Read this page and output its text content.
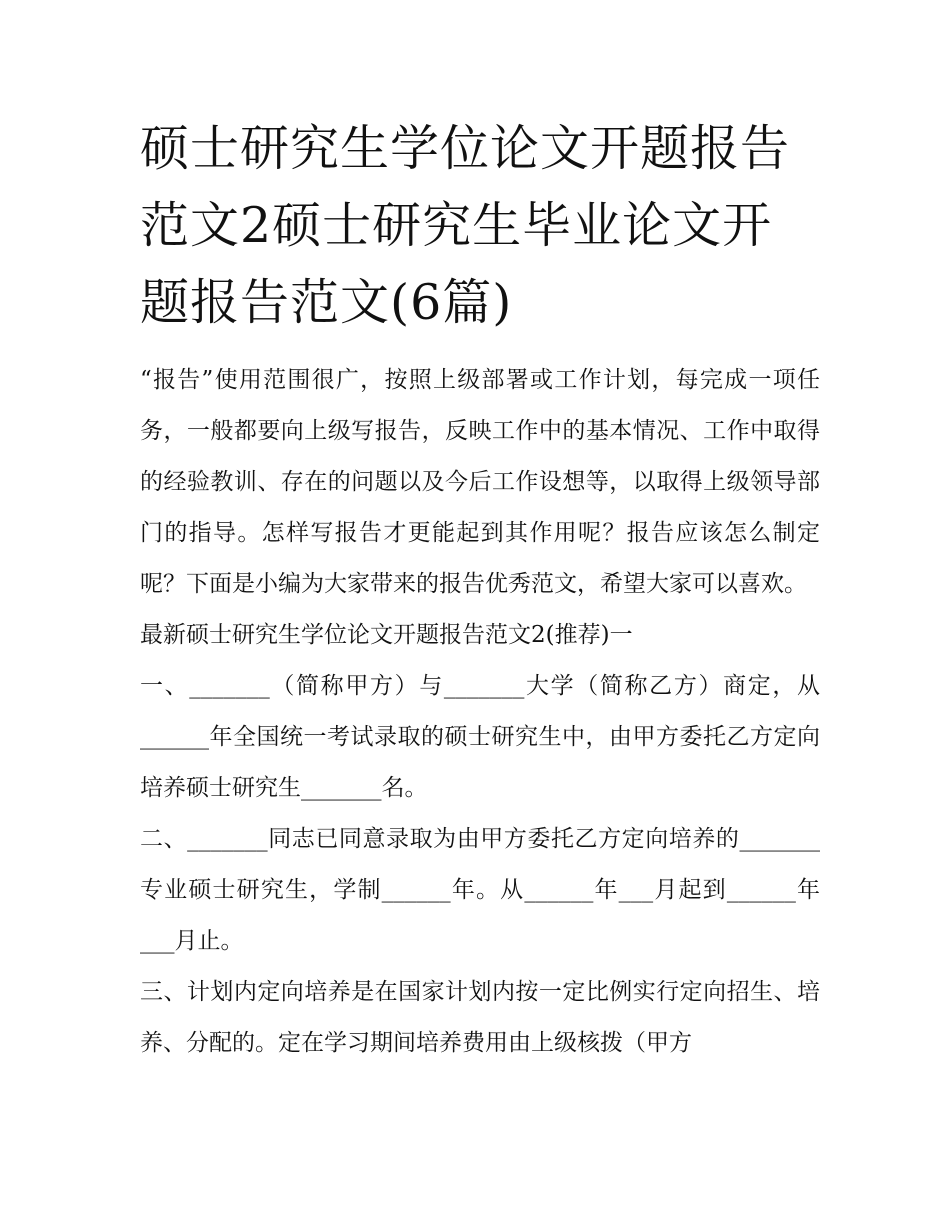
硕士研究生学位论文开题报告范文2硕士研究生毕业论文开题报告范文(6篇)

“报告”使用范围很广，按照上级部署或工作计划，每完成一项任务，一般都要向上级写报告，反映工作中的基本情况、工作中取得的经验教训、存在的问题以及今后工作设想等，以取得上级领导部门的指导。怎样写报告才更能起到其作用呢？报告应该怎么制定呢？下面是小编为大家带来的报告优秀范文，希望大家可以喜欢。

最新硕士研究生学位论文开题报告范文2(推荐)一

一、_______（简称甲方）与_______大学（简称乙方）商定，从______年全国统一考试录取的硕士研究生中，由甲方委托乙方定向培养硕士研究生_______名。

二、_______同志已同意录取为由甲方委托乙方定向培养的_______专业硕士研究生，学制______年。从______年___月起到______年___月止。

三、计划内定向培养是在国家计划内按一定比例实行定向招生、培养、分配的。定在学习期间培养费用由上级核拨（甲方
